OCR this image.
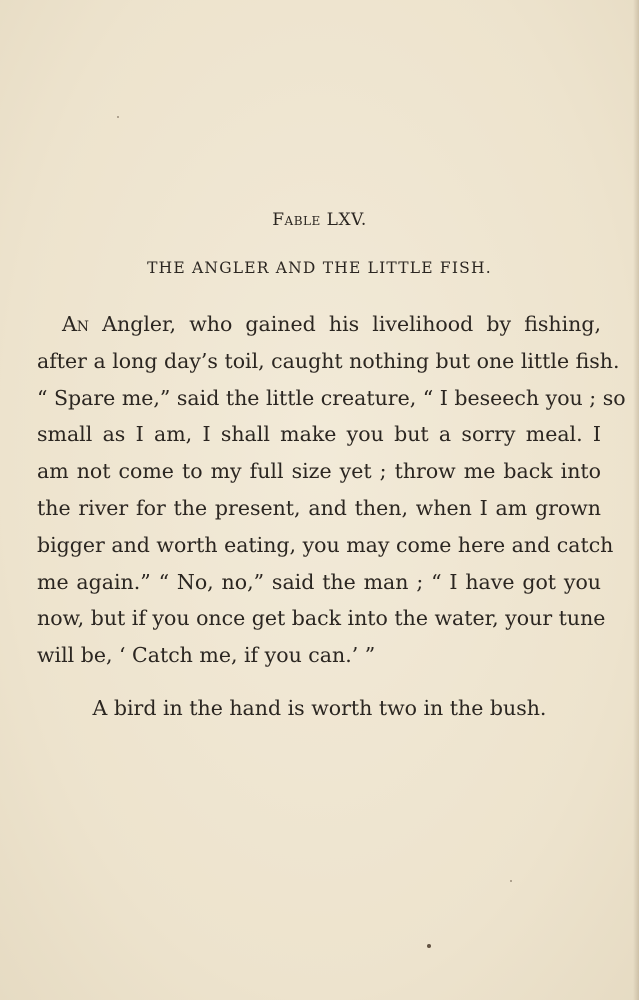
Fable LXV.
THE ANGLER AND THE LITTLE FISH.
An Angler, who gained his livelihood by fishing,
after a long day’s toil, caught nothing but one little fish.
“ Spare me,” said the little creature, “ I beseech you ; so
small as I am, I shall make you but a sorry meal. I
am not come to my full size yet ; throw me back into
the river for the present, and then, when I am grown
bigger and worth eating, you may come here and catch
me again.” “ No, no,” said the man ; “ I have got you
now, but if you once get back into the water, your tune
will be, ‘ Catch me, if you can.’ ”
A bird in the hand is worth two in the bush.
